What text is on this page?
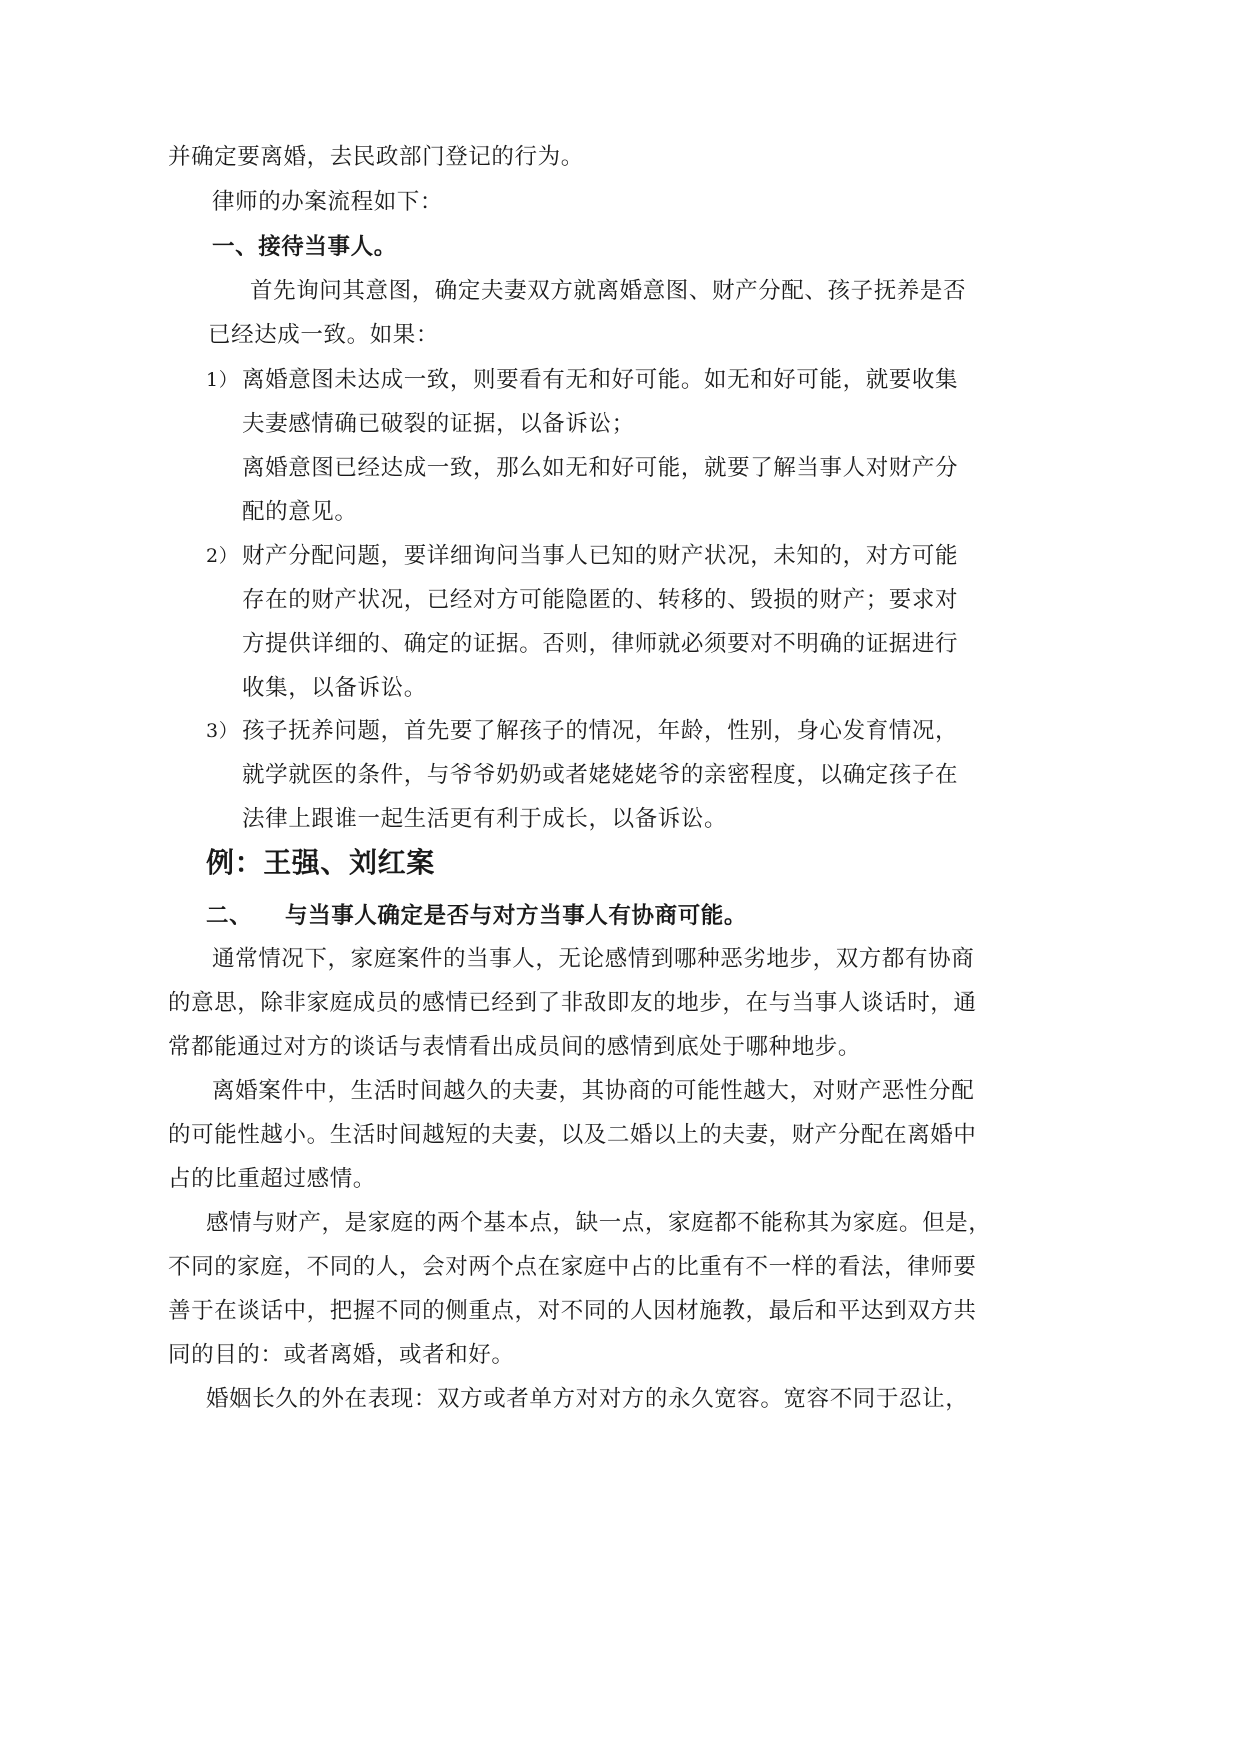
并确定要离婚，去民政部门登记的行为。
律师的办案流程如下：
一、接待当事人。
首先询问其意图，确定夫妻双方就离婚意图、财产分配、孩子抚养是否
已经达成一致。如果：
1） 离婚意图未达成一致，则要看有无和好可能。如无和好可能，就要收集
夫妻感情确已破裂的证据，以备诉讼；
离婚意图已经达成一致，那么如无和好可能，就要了解当事人对财产分
配的意见。
2） 财产分配问题，要详细询问当事人已知的财产状况，未知的，对方可能
存在的财产状况，已经对方可能隐匿的、转移的、毁损的财产；要求对
方提供详细的、确定的证据。否则，律师就必须要对不明确的证据进行
收集，以备诉讼。
3） 孩子抚养问题，首先要了解孩子的情况，年龄，性别，身心发育情况，
就学就医的条件，与爷爷奶奶或者姥姥姥爷的亲密程度，以确定孩子在
法律上跟谁一起生活更有利于成长，以备诉讼。
例：王强、刘红案
二、 与当事人确定是否与对方当事人有协商可能。
通常情况下，家庭案件的当事人，无论感情到哪种恶劣地步，双方都有协商
的意思，除非家庭成员的感情已经到了非敌即友的地步，在与当事人谈话时，通
常都能通过对方的谈话与表情看出成员间的感情到底处于哪种地步。
离婚案件中，生活时间越久的夫妻，其协商的可能性越大，对财产恶性分配
的可能性越小。生活时间越短的夫妻，以及二婚以上的夫妻，财产分配在离婚中
占的比重超过感情。
感情与财产，是家庭的两个基本点，缺一点，家庭都不能称其为家庭。但是，
不同的家庭，不同的人，会对两个点在家庭中占的比重有不一样的看法，律师要
善于在谈话中，把握不同的侧重点，对不同的人因材施教，最后和平达到双方共
同的目的：或者离婚，或者和好。
婚姻长久的外在表现：双方或者单方对对方的永久宽容。宽容不同于忍让，
